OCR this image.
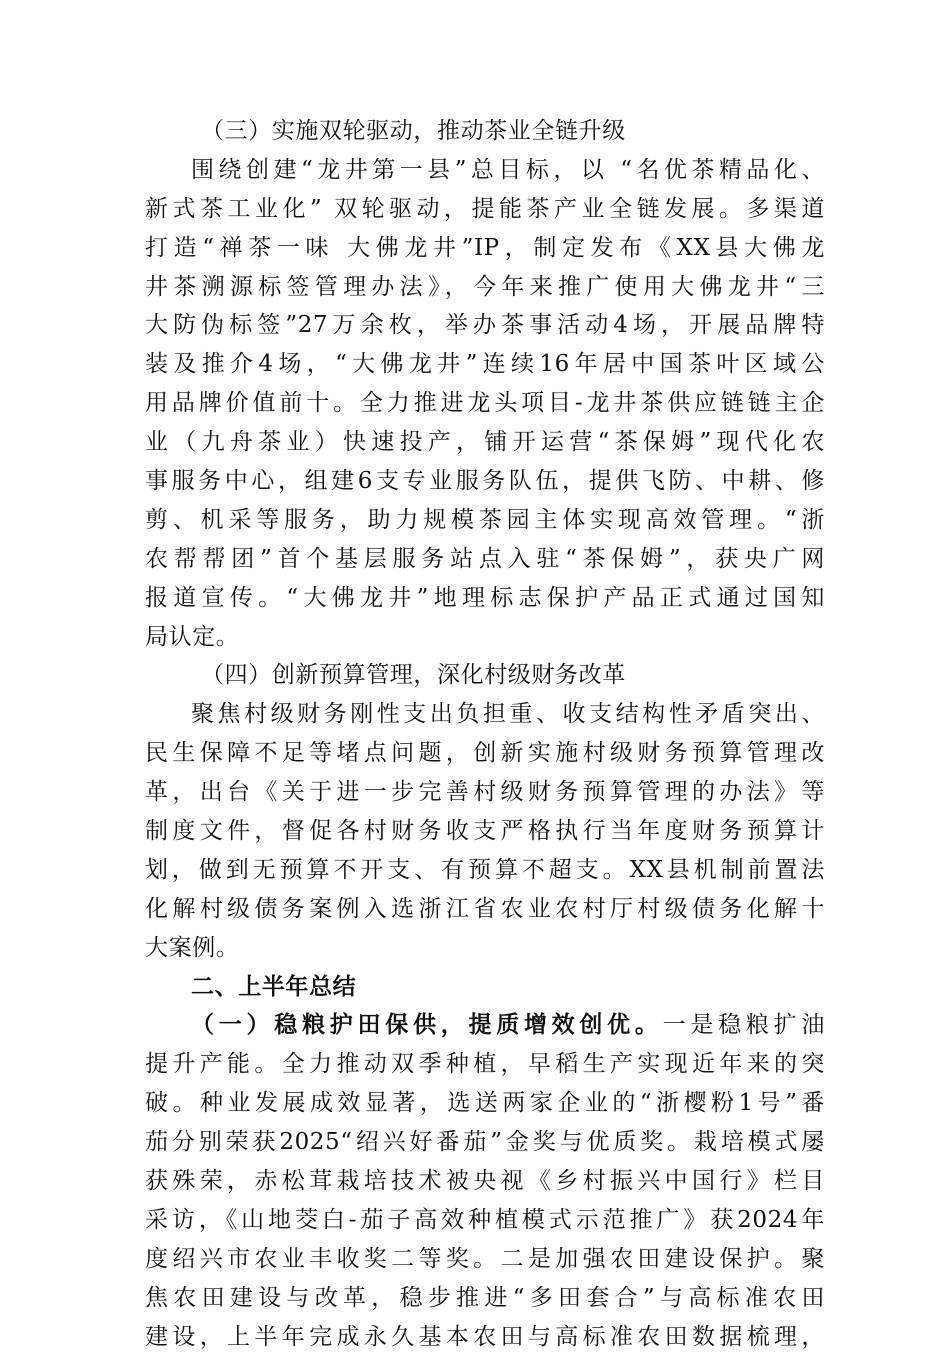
（三）实施双轮驱动，推动茶业全链升级
围绕创建“龙井第一县”总目标，以 “名优茶精品化、
新式茶工业化” 双轮驱动，提能茶产业全链发展。多渠道
打造“禅茶一味 大佛龙井”IP，制定发布《XX县大佛龙
井茶溯源标签管理办法》，今年来推广使用大佛龙井“三
大防伪标签”27万余枚，举办茶事活动4场，开展品牌特
装及推介4场，“大佛龙井”连续16年居中国茶叶区域公
用品牌价值前十。全力推进龙头项目-龙井茶供应链链主企
业（九舟茶业）快速投产，铺开运营“茶保姆”现代化农
事服务中心，组建6支专业服务队伍，提供飞防、中耕、修
剪、机采等服务，助力规模茶园主体实现高效管理。“浙
农帮帮团”首个基层服务站点入驻“茶保姆”，获央广网
报道宣传。“大佛龙井”地理标志保护产品正式通过国知
局认定。
（四）创新预算管理，深化村级财务改革
聚焦村级财务刚性支出负担重、收支结构性矛盾突出、
民生保障不足等堵点问题，创新实施村级财务预算管理改
革，出台《关于进一步完善村级财务预算管理的办法》等
制度文件，督促各村财务收支严格执行当年度财务预算计
划，做到无预算不开支、有预算不超支。XX县机制前置法
化解村级债务案例入选浙江省农业农村厅村级债务化解十
大案例。
二、上半年总结
（一）稳粮护田保供，提质增效创优。一是稳粮扩油
提升产能。全力推动双季种植，早稻生产实现近年来的突
破。种业发展成效显著，选送两家企业的“浙樱粉1号”番
茄分别荣获2025“绍兴好番茄”金奖与优质奖。栽培模式屡
获殊荣，赤松茸栽培技术被央视《乡村振兴中国行》栏目
采访，《山地茭白-茄子高效种植模式示范推广》获2024年
度绍兴市农业丰收奖二等奖。二是加强农田建设保护。聚
焦农田建设与改革，稳步推进“多田套合”与高标准农田
建设，上半年完成永久基本农田与高标准农田数据梳理，
